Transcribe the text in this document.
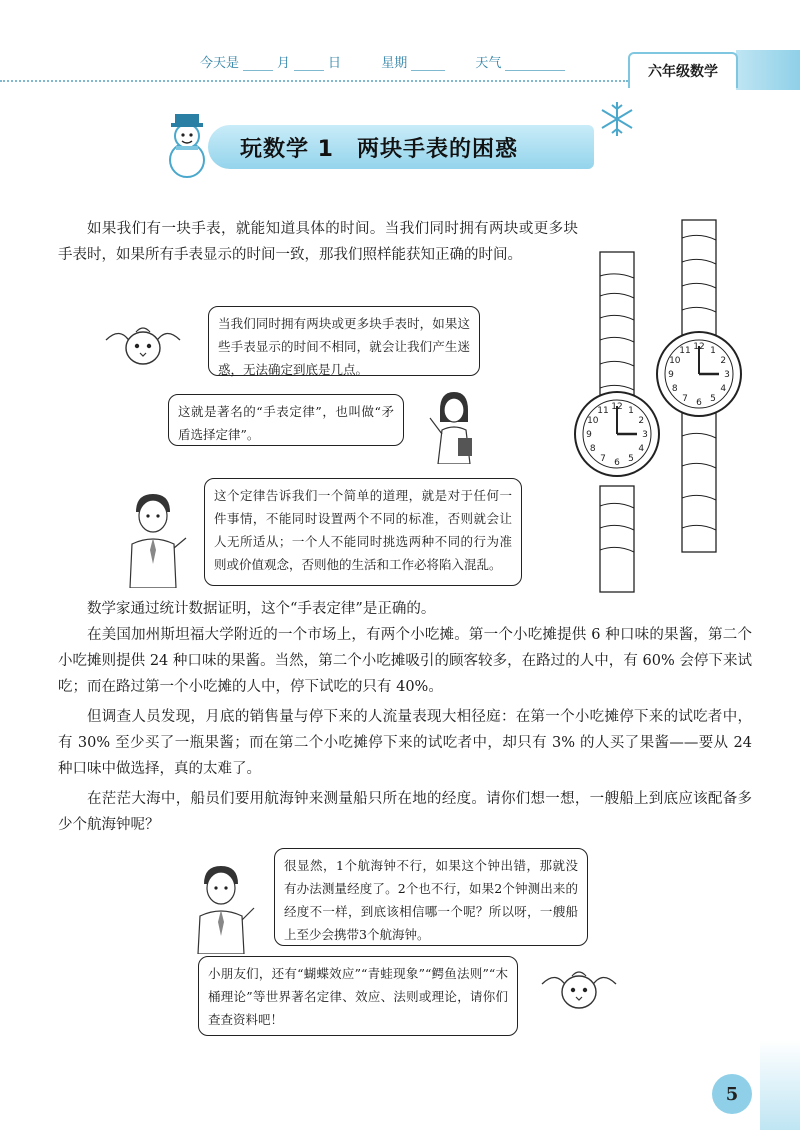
今天是	月	日	星期	天气
六年级数学
玩数学 1　两块手表的困惑

如果我们有一块手表，就能知道具体的时间。当我们同时拥有两块或更多块手表时，如果所有手表显示的时间一致，那我们照样能获知正确的时间。

当我们同时拥有两块或更多块手表时，如果这些手表显示的时间不相同，就会让我们产生迷惑，无法确定到底是几点。
这就是著名的“手表定律”，也叫做“矛盾选择定律”。
这个定律告诉我们一个简单的道理，就是对于任何一件事情，不能同时设置两个不同的标准，否则就会让人无所适从；一个人不能同时挑选两种不同的行为准则或价值观念，否则他的生活和工作必将陷入混乱。
12 1
2
3
4
5
6
7
8
9
10
11
12 1
2
3
4
5
6
7
8
9
10
11

数学家通过统计数据证明，这个“手表定律”是正确的。

在美国加州斯坦福大学附近的一个市场上，有两个小吃摊。第一个小吃摊提供 6 种口味的果酱，第二个小吃摊则提供 24 种口味的果酱。当然，第二个小吃摊吸引的顾客较多，在路过的人中，有 60% 会停下来试吃；而在路过第一个小吃摊的人中，停下试吃的只有 40%。

但调查人员发现，月底的销售量与停下来的人流量表现大相径庭：在第一个小吃摊停下来的试吃者中，有 30% 至少买了一瓶果酱；而在第二个小吃摊停下来的试吃者中，却只有 3% 的人买了果酱——要从 24 种口味中做选择，真的太难了。

在茫茫大海中，船员们要用航海钟来测量船只所在地的经度。请你们想一想，一艘船上到底应该配备多少个航海钟呢？

很显然，1个航海钟不行，如果这个钟出错，那就没有办法测量经度了。2个也不行，如果2个钟测出来的经度不一样，到底该相信哪一个呢？所以呀，一艘船上至少会携带3个航海钟。
小朋友们，还有“蝴蝶效应”“青蛙现象”“鳄鱼法则”“木桶理论”等世界著名定律、效应、法则或理论，请你们查查资料吧！
5
